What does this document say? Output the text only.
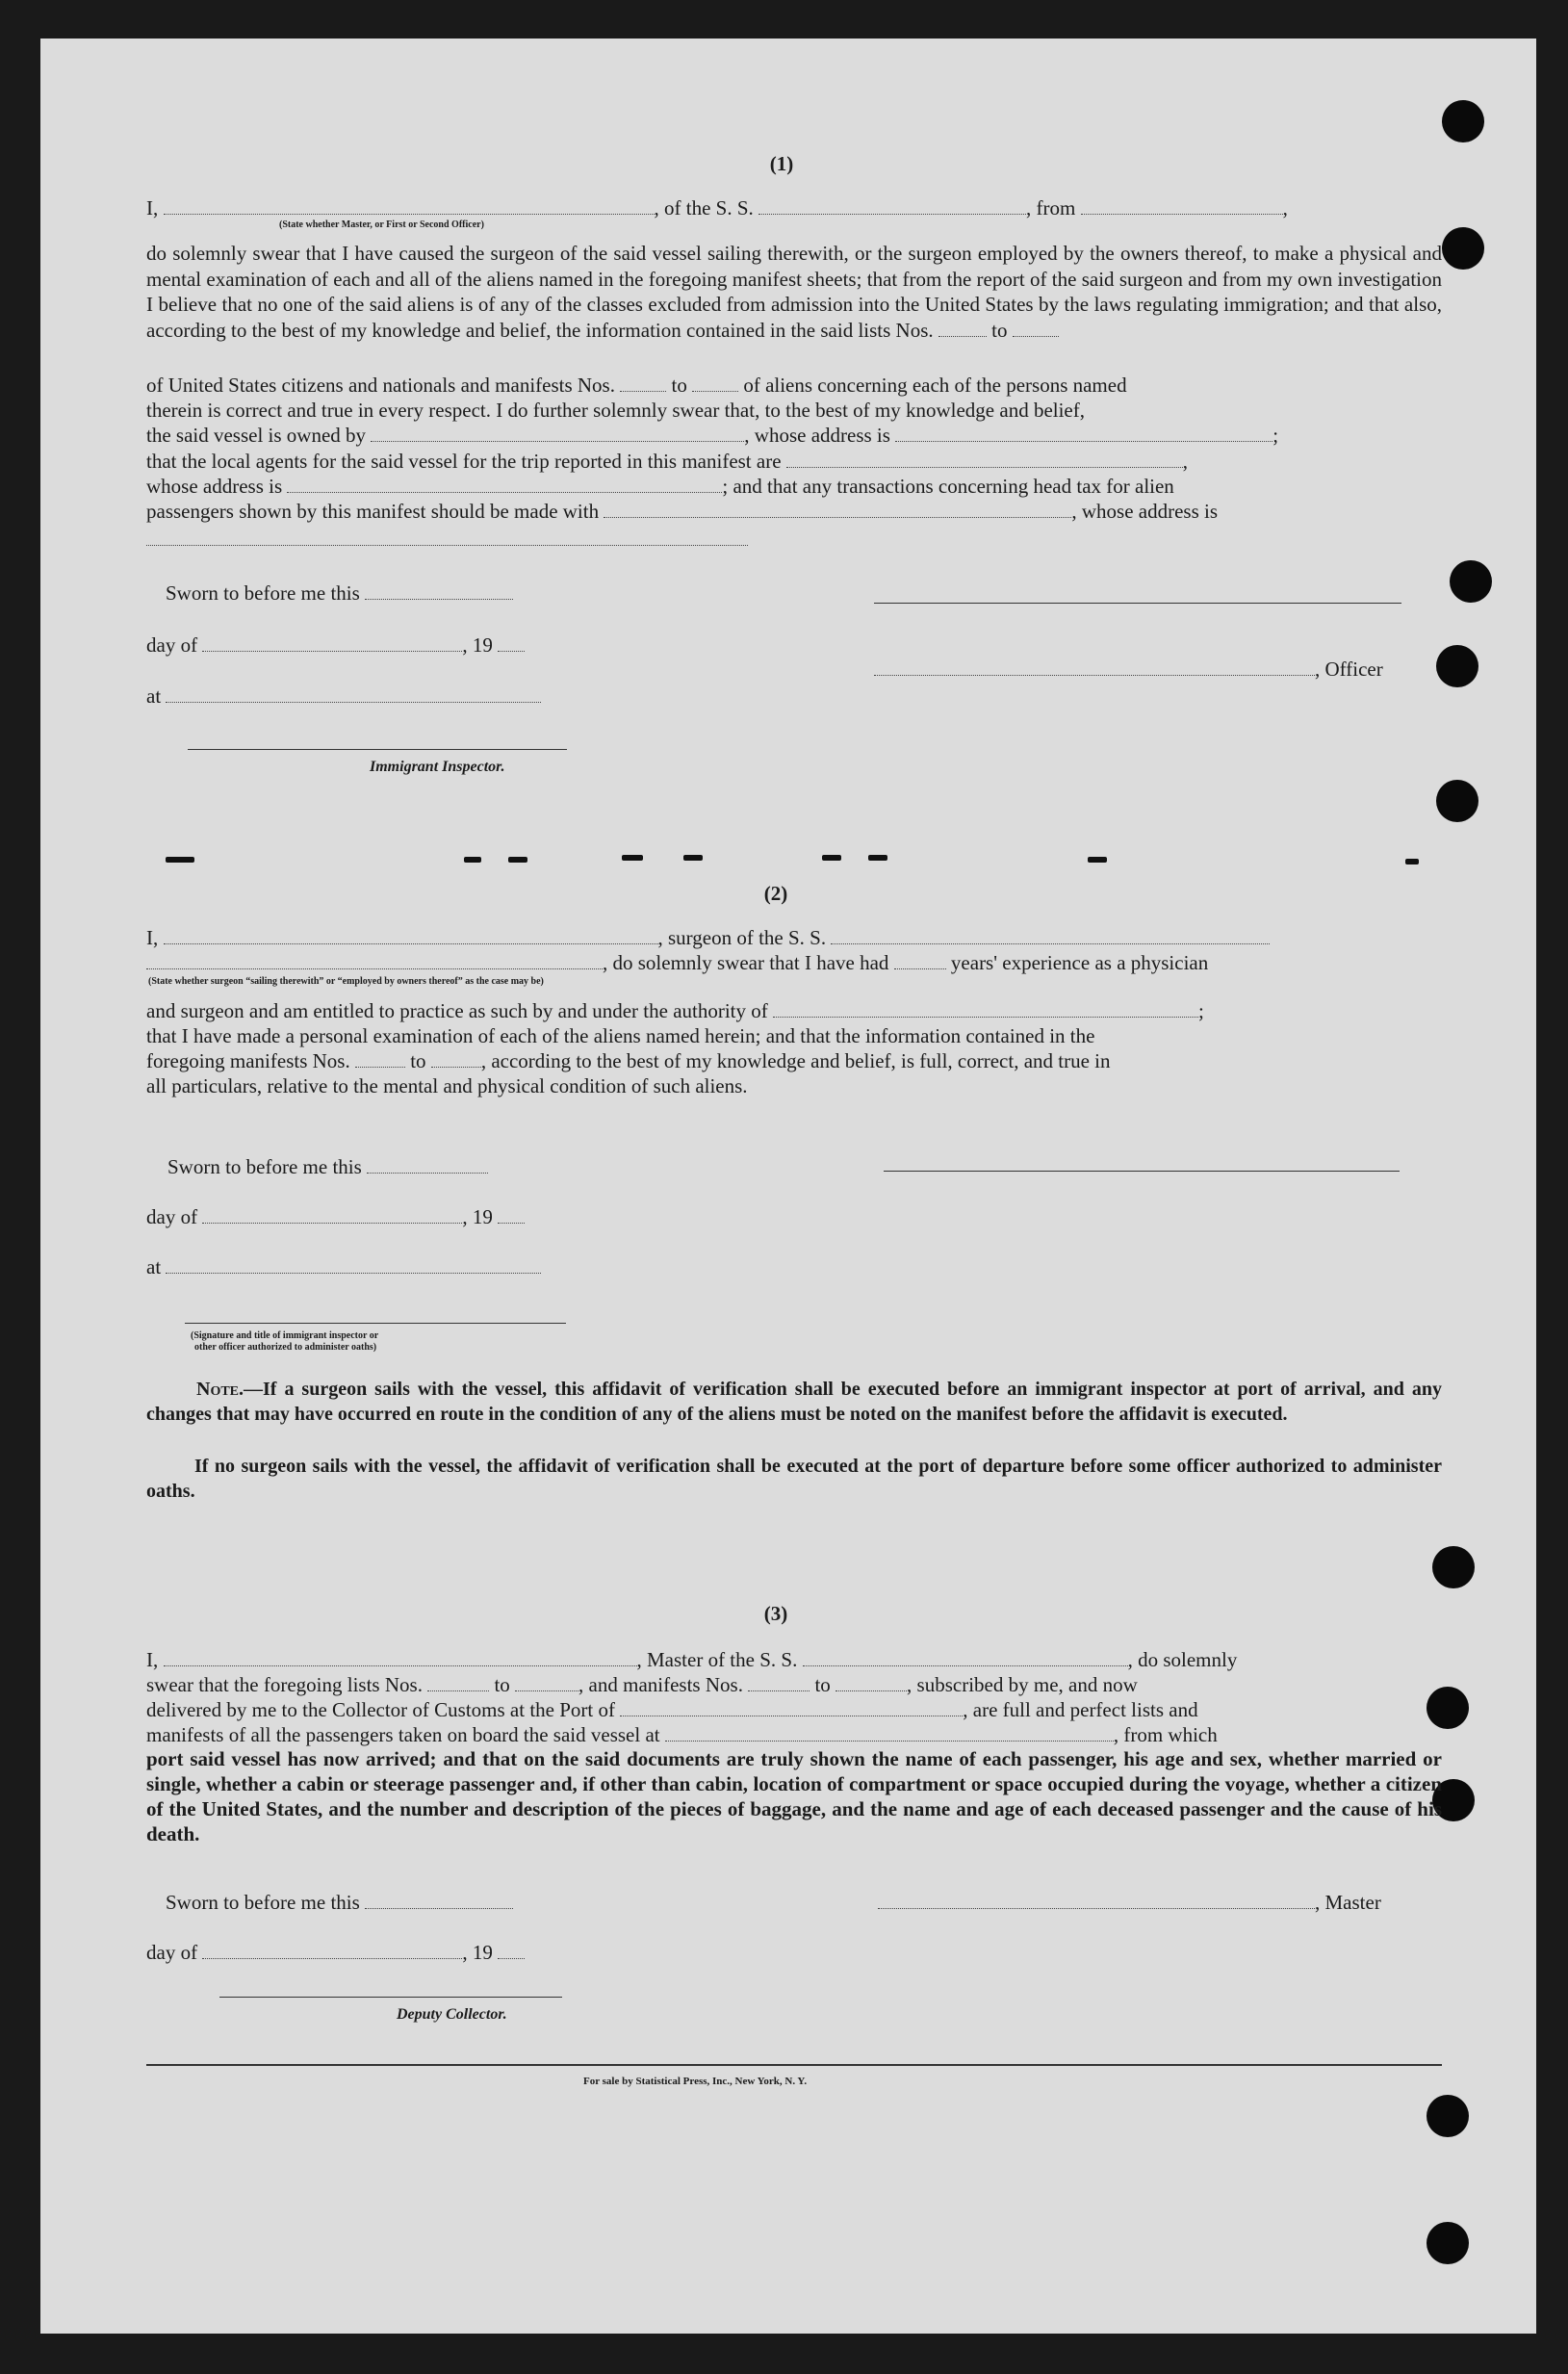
(1)
I,	, of the S. S.	, from	,
(State whether Master, or First or Second Officer)
do solemnly swear that I have caused the surgeon of the said vessel sailing therewith, or the surgeon employed by the owners thereof, to make a physical and mental examination of each and all of the aliens named in the foregoing manifest sheets; that from the report of the said surgeon and from my own investigation I believe that no one of the said aliens is of any of the classes excluded from admission into the United States by the laws regulating immigration; and that also, according to the best of my knowledge and belief, the information contained in the said lists Nos.	to
of United States citizens and nationals and manifests Nos.	to	of aliens concerning each of the persons named
therein is correct and true in every respect. I do further solemnly swear that, to the best of my knowledge and belief,
the said vessel is owned by	, whose address is	;
that the local agents for the said vessel for the trip reported in this manifest are	,
whose address is	; and that any transactions concerning head tax for alien
passengers shown by this manifest should be made with	, whose address is
Sworn to before me this
day of	, 19
, Officer
at
Immigrant Inspector.
(2)
I,	, surgeon of the S. S.
, do solemnly swear that I have had	years' experience as a physician
(State whether surgeon “sailing therewith” or “employed by owners thereof” as the case may be)
and surgeon and am entitled to practice as such by and under the authority of	;
that I have made a personal examination of each of the aliens named herein; and that the information contained in the
foregoing manifests Nos.	to	, according to the best of my knowledge and belief, is full, correct, and true in
all particulars, relative to the mental and physical condition of such aliens.
Sworn to before me this
day of	, 19
at
(Signature and title of immigrant inspector or
other officer authorized to administer oaths)
Note.—If a surgeon sails with the vessel, this affidavit of verification shall be executed before an immigrant inspector at port of arrival, and any changes that may have occurred en route in the condition of any of the aliens must be noted on the manifest before the affidavit is executed.
If no surgeon sails with the vessel, the affidavit of verification shall be executed at the port of departure before some officer authorized to administer oaths.
(3)
I,	, Master of the S. S.	, do solemnly
swear that the foregoing lists Nos.	to	, and manifests Nos.	to	, subscribed by me, and now
delivered by me to the Collector of Customs at the Port of	, are full and perfect lists and
manifests of all the passengers taken on board the said vessel at	, from which
port said vessel has now arrived; and that on the said documents are truly shown the name of each passenger, his age and sex, whether married or single, whether a cabin or steerage passenger and, if other than cabin, location of compartment or space occupied during the voyage, whether a citizen of the United States, and the number and description of the pieces of baggage, and the name and age of each deceased passenger and the cause of his death.
Sworn to before me this	, Master
day of	, 19
Deputy Collector.
For sale by Statistical Press, Inc., New York, N. Y.
